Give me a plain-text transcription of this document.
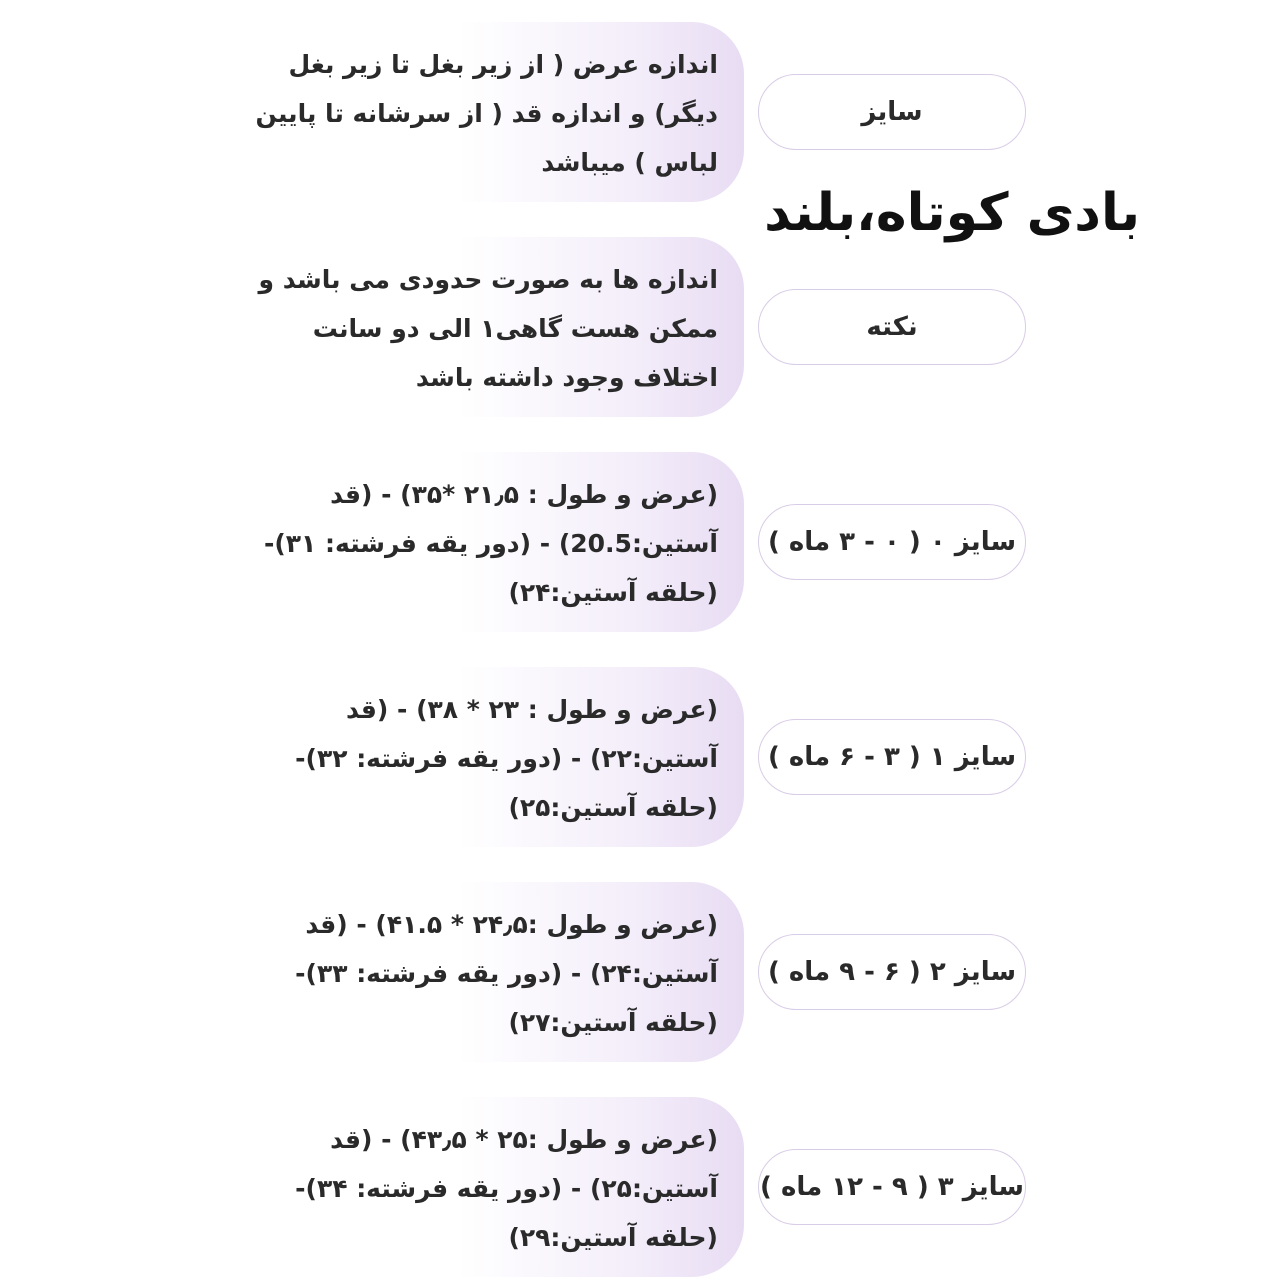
بادی کوتاه،بلند
سایز
اندازه عرض ( از زیر بغل تا زیر بغل
دیگر) و اندازه قد ( از سرشانه تا پایین
لباس ) میباشد
نکته
اندازه ها به صورت حدودی می باشد و
ممکن هست گاهی۱ الی دو سانت
اختلاف وجود داشته باشد
سایز ۰ ( ۰ - ۳ ماه )
(عرض و طول : ۲۱٫۵ *۳۵) - (قد
آستین:20.5) - (دور یقه فرشته: ۳۱)-
(حلقه آستین:۲۴)
سایز ۱ ( ۳ - ۶ ماه )
(عرض و طول : ۲۳ * ۳۸) - (قد
آستین:۲۲) - (دور یقه فرشته: ۳۲)-
(حلقه آستین:۲۵)
سایز ۲ ( ۶ - ۹ ماه )
(عرض و طول :۲۴٫۵ * ۴۱.۵) - (قد
آستین:۲۴) - (دور یقه فرشته: ۳۳)-
(حلقه آستین:۲۷)
سایز ۳ ( ۹ - ۱۲ ماه )
(عرض و طول :۲۵ * ۴۳٫۵) - (قد
آستین:۲۵) - (دور یقه فرشته: ۳۴)-
(حلقه آستین:۲۹)
